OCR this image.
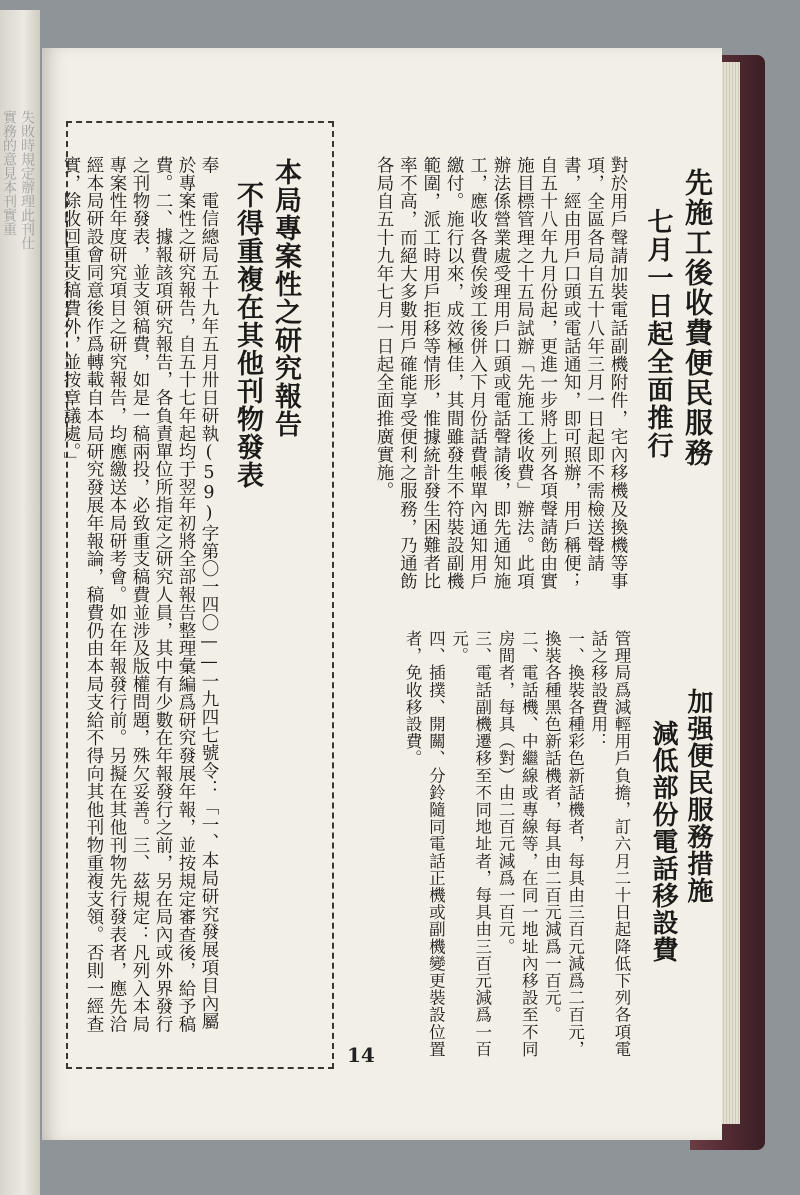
失敗時規定辦理此刊仕
實務的意見本刊實重	先施工後收費便民服務
七月一日起全面推行
對於用戶聲請加裝電話副機附件，宅內移機及換機等事項，全區各局自五十八年三月一日起即不需檢送聲請書，經由用戶口頭或電話通知，即可照辦，用戶稱便；自五十八年九月份起，更進一步將上列各項聲請飭由實施目標管理之十五局試辦「先施工後收費」辦法。此項辦法係營業處受理用戶口頭或電話聲請後，即先通知施工，應收各費俟竣工後併入下月份話費帳單內通知用戶繳付。施行以來，成效極佳，其間雖發生不符裝設副機範圍，派工時用戶拒移等情形，惟據統計發生困難者比率不高，而絕大多數用戶確能享受便利之服務，乃通飭各局自五十九年七月一日起全面推廣實施。
加强便民服務措施
減低部份電話移設費
管理局爲減輕用戶負擔，訂六月二十日起降低下列各項電話之移設費用：
一、換裝各種彩色新話機者，每具由三百元減爲二百元，換裝各種黑色新話機者，每具由二百元減爲一百元。
二、電話機、中繼線或專線等，在同一地址內移設至不同房間者，每具（對）由二百元減爲一百元。
三、電話副機遷移至不同地址者，每具由三百元減爲一百元。
四、插撲、開關、分鈴隨同電話正機或副機變更裝設位置者，免收移設費。
本局專案性之研究報告
不得重複在其他刊物發表
奉　電信總局五十九年五月卅日研執(59)字第〇一四〇——一九四七號令：「一、本局研究發展項目內屬於專案性之研究報告，自五十七年起均于翌年初將全部報告整理彙編爲研究發展年報，並按規定審查後，給予稿費。二、據報該項研究報告，各負責單位所指定之研究人員，其中有少數在年報發行之前，另在局內或外界發行之刊物發表，並支領稿費，如是一稿兩投，必致重支稿費並涉及版權問題，殊欠妥善。三、茲規定：凡列入本局專案性年度研究項目之研究報告，均應繳送本局研考會。如在年報發行前。另擬在其他刊物先行發表者，應先洽經本局研設會同意後作爲轉載自本局研究發展年報論，稿費仍由本局支給不得向其他刊物重複支領。否則一經查實，除收回重支稿費外，並按章議處。」
14
